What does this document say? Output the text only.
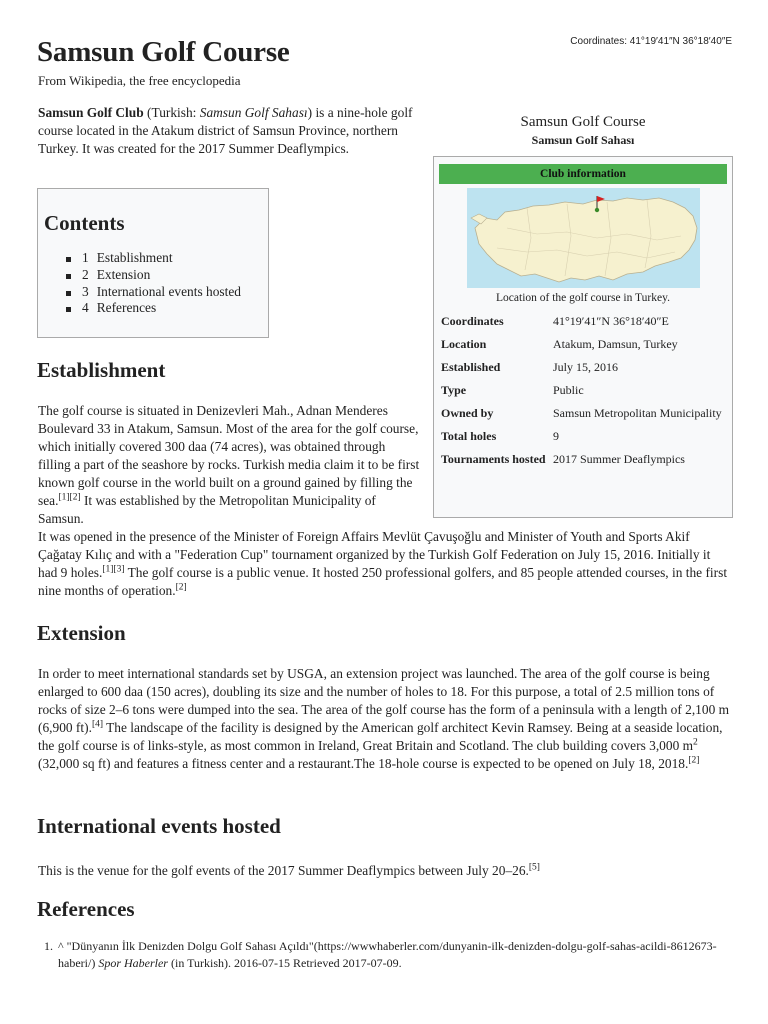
Coordinates: 41°19′41″N 36°18′40″E
Samsun Golf Course
From Wikipedia, the free encyclopedia

Samsun Golf Club (Turkish: Samsun Golf Sahası) is a nine-hole golf course located in the Atakum district of Samsun Province, northern Turkey. It was created for the 2017 Summer Deaflympics.

Contents
1 Establishment
2 Extension
3 International events hosted
4 References
Samsun Golf Course
Samsun Golf Sahası
Club information
Location of the golf course in Turkey.
Coordinates	41°19′41″N 36°18′40″E
Location	Atakum, Damsun, Turkey
Established	July 15, 2016
Type	Public
Owned by	Samsun Metropolitan Municipality
Total holes	9
Tournaments hosted	2017 Summer Deaflympics
Establishment
The golf course is situated in Denizevleri Mah., Adnan Menderes Boulevard 33 in Atakum, Samsun. Most of the area for the golf course, which initially covered 300 daa (74 acres), was obtained through filling a part of the seashore by rocks. Turkish media claim it to be first known golf course in the world built on a ground gained by filling the sea.[1][2] It was established by the Metropolitan Municipality of Samsun.
It was opened in the presence of the Minister of Foreign Affairs Mevlüt Çavuşoğlu and Minister of Youth and Sports Akif Çağatay Kılıç and with a "Federation Cup" tournament organized by the Turkish Golf Federation on July 15, 2016. Initially it had 9 holes.[1][3] The golf course is a public venue. It hosted 250 professional golfers, and 85 people attended courses, in the first nine months of operation.[2]
Extension

In order to meet international standards set by USGA, an extension project was launched. The area of the golf course is being enlarged to 600 daa (150 acres), doubling its size and the number of holes to 18. For this purpose, a total of 2.5 million tons of rocks of size 2–6 tons were dumped into the sea. The area of the golf course has the form of a peninsula with a length of 2,100 m (6,900 ft).[4] The landscape of the facility is designed by the American golf architect Kevin Ramsey. Being at a seaside location, the golf course is of links-style, as most common in Ireland, Great Britain and Scotland. The club building covers 3,000 $m^2$ (32,000 sq ft) and features a fitness center and a restaurant.The 18-hole course is expected to be opened on July 18, 2018.[2]

International events hosted

This is the venue for the golf events of the 2017 Summer Deaflympics between July 20–26.[5]

References
1. ^ "Dünyanın İlk Denizden Dolgu Golf Sahası Açıldı"(https://wwwhaberler.com/dunyanin-ilk-denizden-dolgu-golf-sahas-acildi-8612673-haberi/) Spor Haberler (in Turkish). 2016-07-15 Retrieved 2017-07-09.
